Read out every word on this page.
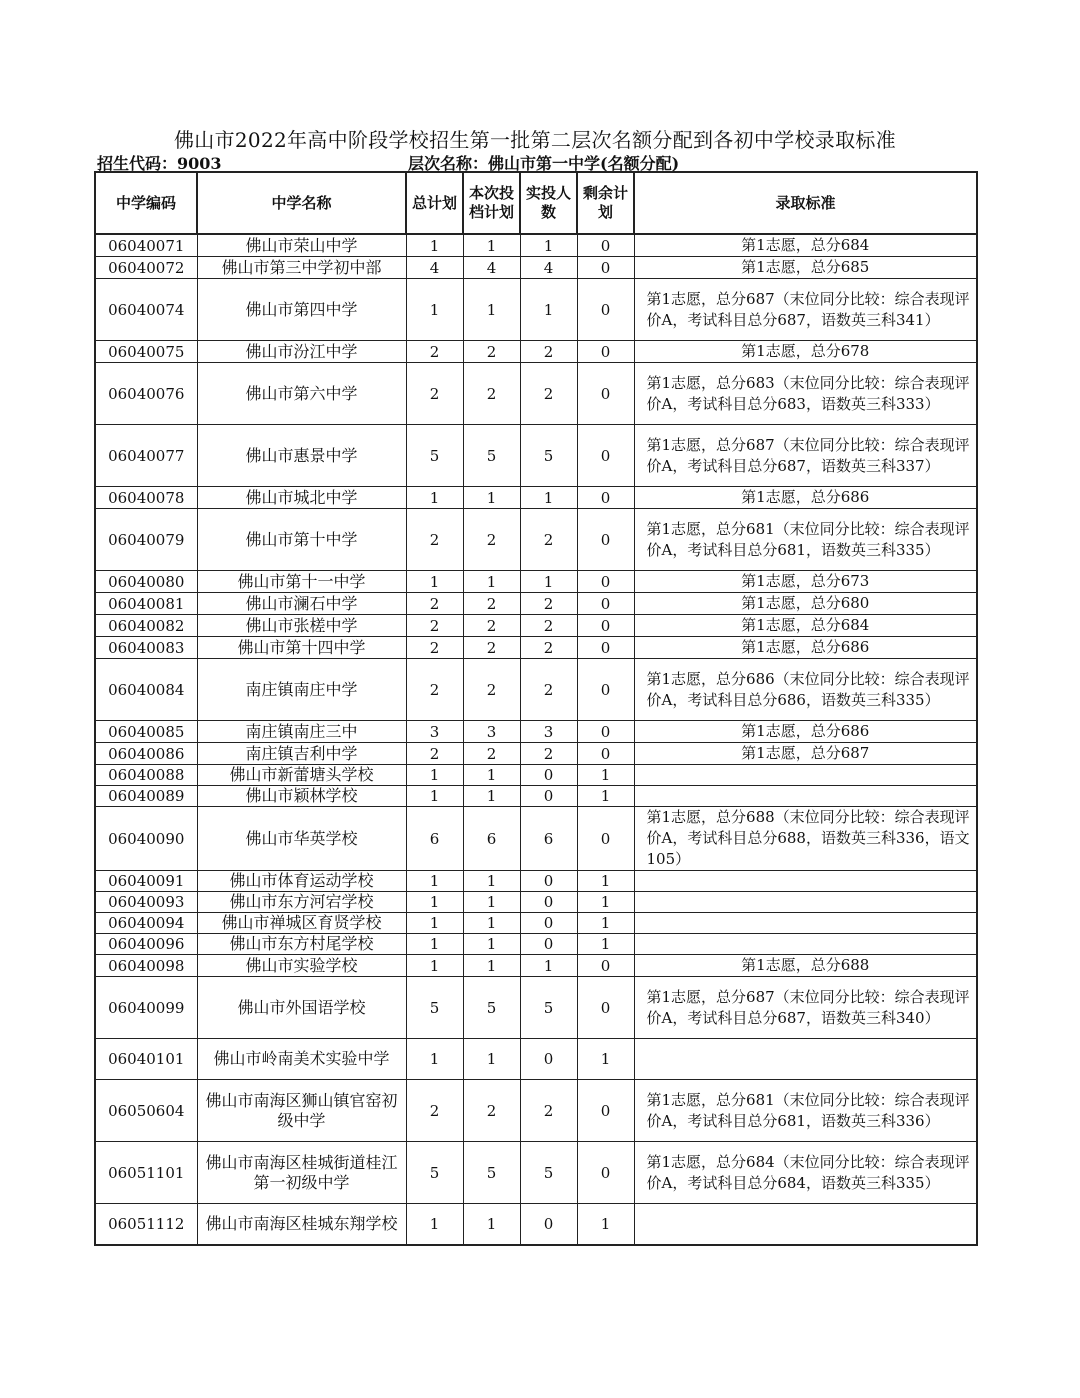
佛山市2022年高中阶段学校招生第一批第二层次名额分配到各初中学校录取标准
招生代码：9003	层次名称：佛山市第一中学(名额分配)
中学编码	中学名称	总计划	本次投档计划	实投人数	剩余计划	录取标准
06040071	佛山市荣山中学	1	1	1	0	第1志愿，总分684
06040072	佛山市第三中学初中部	4	4	4	0	第1志愿，总分685
06040074	佛山市第四中学	1	1	1	0	第1志愿，总分687（末位同分比较：综合表现评价A，考试科目总分687，语数英三科341）
06040075	佛山市汾江中学	2	2	2	0	第1志愿，总分678
06040076	佛山市第六中学	2	2	2	0	第1志愿，总分683（末位同分比较：综合表现评价A，考试科目总分683，语数英三科333）
06040077	佛山市惠景中学	5	5	5	0	第1志愿，总分687（末位同分比较：综合表现评价A，考试科目总分687，语数英三科337）
06040078	佛山市城北中学	1	1	1	0	第1志愿，总分686
06040079	佛山市第十中学	2	2	2	0	第1志愿，总分681（末位同分比较：综合表现评价A，考试科目总分681，语数英三科335）
06040080	佛山市第十一中学	1	1	1	0	第1志愿，总分673
06040081	佛山市澜石中学	2	2	2	0	第1志愿，总分680
06040082	佛山市张槎中学	2	2	2	0	第1志愿，总分684
06040083	佛山市第十四中学	2	2	2	0	第1志愿，总分686
06040084	南庄镇南庄中学	2	2	2	0	第1志愿，总分686（末位同分比较：综合表现评价A，考试科目总分686，语数英三科335）
06040085	南庄镇南庄三中	3	3	3	0	第1志愿，总分686
06040086	南庄镇吉利中学	2	2	2	0	第1志愿，总分687
06040088	佛山市新蕾塘头学校	1	1	0	1	
06040089	佛山市颖林学校	1	1	0	1	
06040090	佛山市华英学校	6	6	6	0	第1志愿，总分688（末位同分比较：综合表现评价A，考试科目总分688，语数英三科336，语文105）
06040091	佛山市体育运动学校	1	1	0	1	
06040093	佛山市东方河宕学校	1	1	0	1	
06040094	佛山市禅城区育贤学校	1	1	0	1	
06040096	佛山市东方村尾学校	1	1	0	1	
06040098	佛山市实验学校	1	1	1	0	第1志愿，总分688
06040099	佛山市外国语学校	5	5	5	0	第1志愿，总分687（末位同分比较：综合表现评价A，考试科目总分687，语数英三科340）
06040101	佛山市岭南美术实验中学	1	1	0	1	
06050604	佛山市南海区狮山镇官窑初级中学	2	2	2	0	第1志愿，总分681（末位同分比较：综合表现评价A，考试科目总分681，语数英三科336）
06051101	佛山市南海区桂城街道桂江第一初级中学	5	5	5	0	第1志愿，总分684（末位同分比较：综合表现评价A，考试科目总分684，语数英三科335）
06051112	佛山市南海区桂城东翔学校	1	1	0	1	
